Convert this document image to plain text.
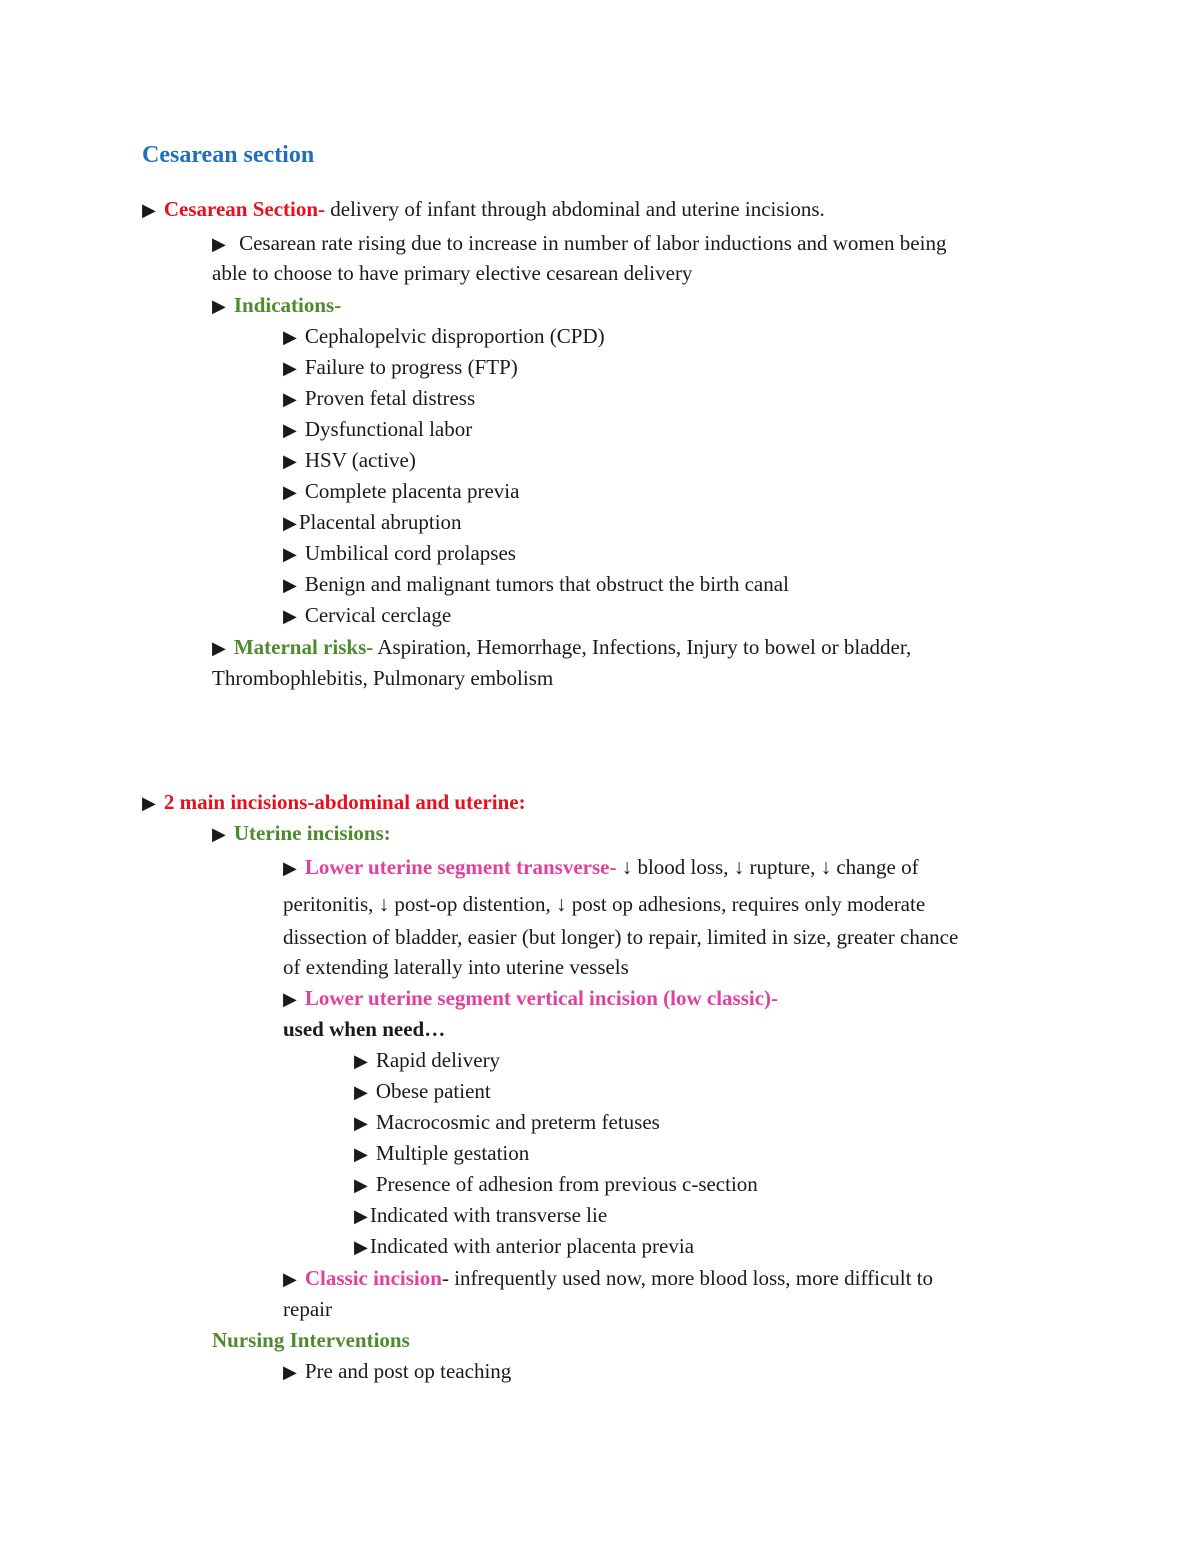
Cesarean section
▶ Cesarean Section- delivery of infant through abdominal and uterine incisions.
▶ Cesarean rate rising due to increase in number of labor inductions and women being
able to choose to have primary elective cesarean delivery
▶ Indications-
▶ Cephalopelvic disproportion (CPD)
▶ Failure to progress (FTP)
▶ Proven fetal distress
▶ Dysfunctional labor
▶ HSV (active)
▶ Complete placenta previa
▶Placental abruption
▶ Umbilical cord prolapses
▶ Benign and malignant tumors that obstruct the birth canal
▶ Cervical cerclage
▶ Maternal risks- Aspiration, Hemorrhage, Infections, Injury to bowel or bladder,
Thrombophlebitis, Pulmonary embolism
▶ 2 main incisions-abdominal and uterine:
▶ Uterine incisions:
▶ Lower uterine segment transverse- ↓ blood loss, ↓ rupture, ↓ change of
peritonitis, ↓ post-op distention, ↓ post op adhesions, requires only moderate
dissection of bladder, easier (but longer) to repair, limited in size, greater chance
of extending laterally into uterine vessels
▶ Lower uterine segment vertical incision (low classic)-
used when need…
▶ Rapid delivery
▶ Obese patient
▶ Macrocosmic and preterm fetuses
▶ Multiple gestation
▶ Presence of adhesion from previous c-section
▶Indicated with transverse lie
▶Indicated with anterior placenta previa
▶ Classic incision- infrequently used now, more blood loss, more difficult to
repair
Nursing Interventions
▶ Pre and post op teaching
